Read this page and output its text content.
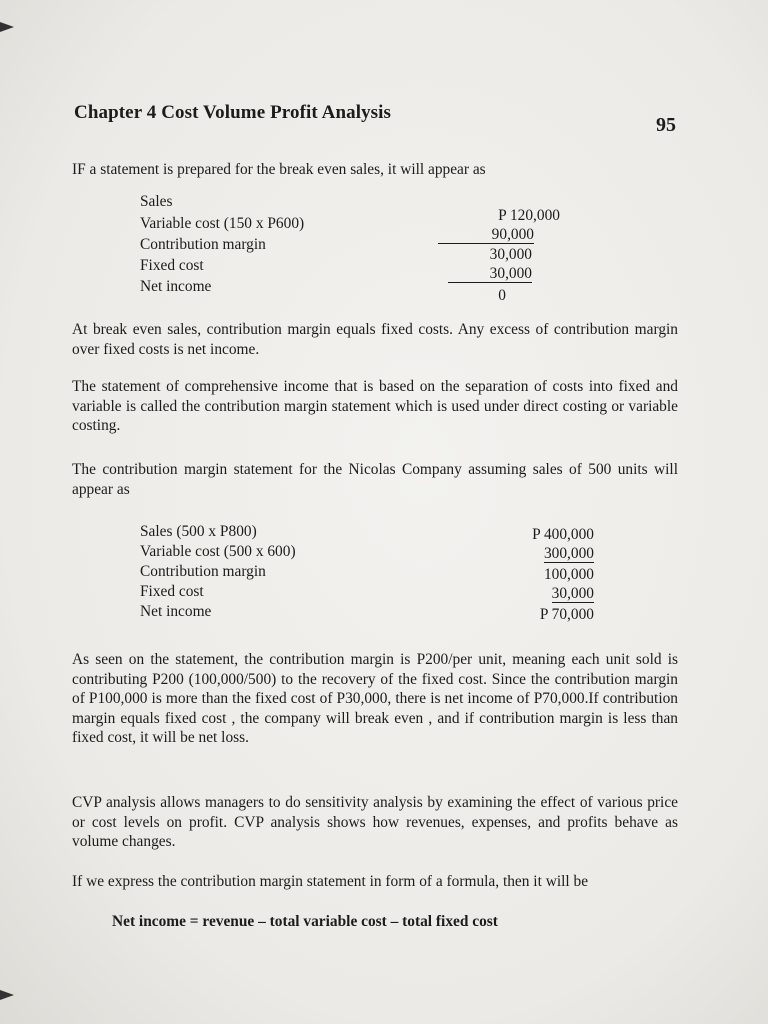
Chapter 4 Cost Volume Profit Analysis
95
IF a statement is prepared for the break even sales, it will appear as
Sales
Variable cost (150 x P600)
Contribution margin
Fixed cost
Net income
P 120,000
90,000
30,000
30,000
0
At break even sales, contribution margin equals fixed costs. Any excess of contribution margin over fixed costs is net income.
The statement of comprehensive income that is based on the separation of costs into fixed and variable is called the contribution margin statement which is used under direct costing or variable costing.
The contribution margin statement for the Nicolas Company assuming sales of 500 units will appear as
Sales (500 x P800)
Variable cost (500 x 600)
Contribution margin
Fixed cost
Net income
P 400,000
300,000
100,000
30,000
P 70,000
As seen on the statement, the contribution margin is P200/per unit, meaning each unit sold is contributing P200 (100,000/500) to the recovery of the fixed cost. Since the contribution margin of P100,000 is more than the fixed cost of P30,000, there is net income of P70,000.If contribution margin equals fixed cost , the company will break even , and if contribution margin is less than fixed cost, it will be net loss.
CVP analysis allows managers to do sensitivity analysis by examining the effect of various price or cost levels on profit. CVP analysis shows how revenues, expenses, and profits behave as volume changes.
If we express the contribution margin statement in form of a formula, then it will be
Net income = revenue – total variable cost – total fixed cost
